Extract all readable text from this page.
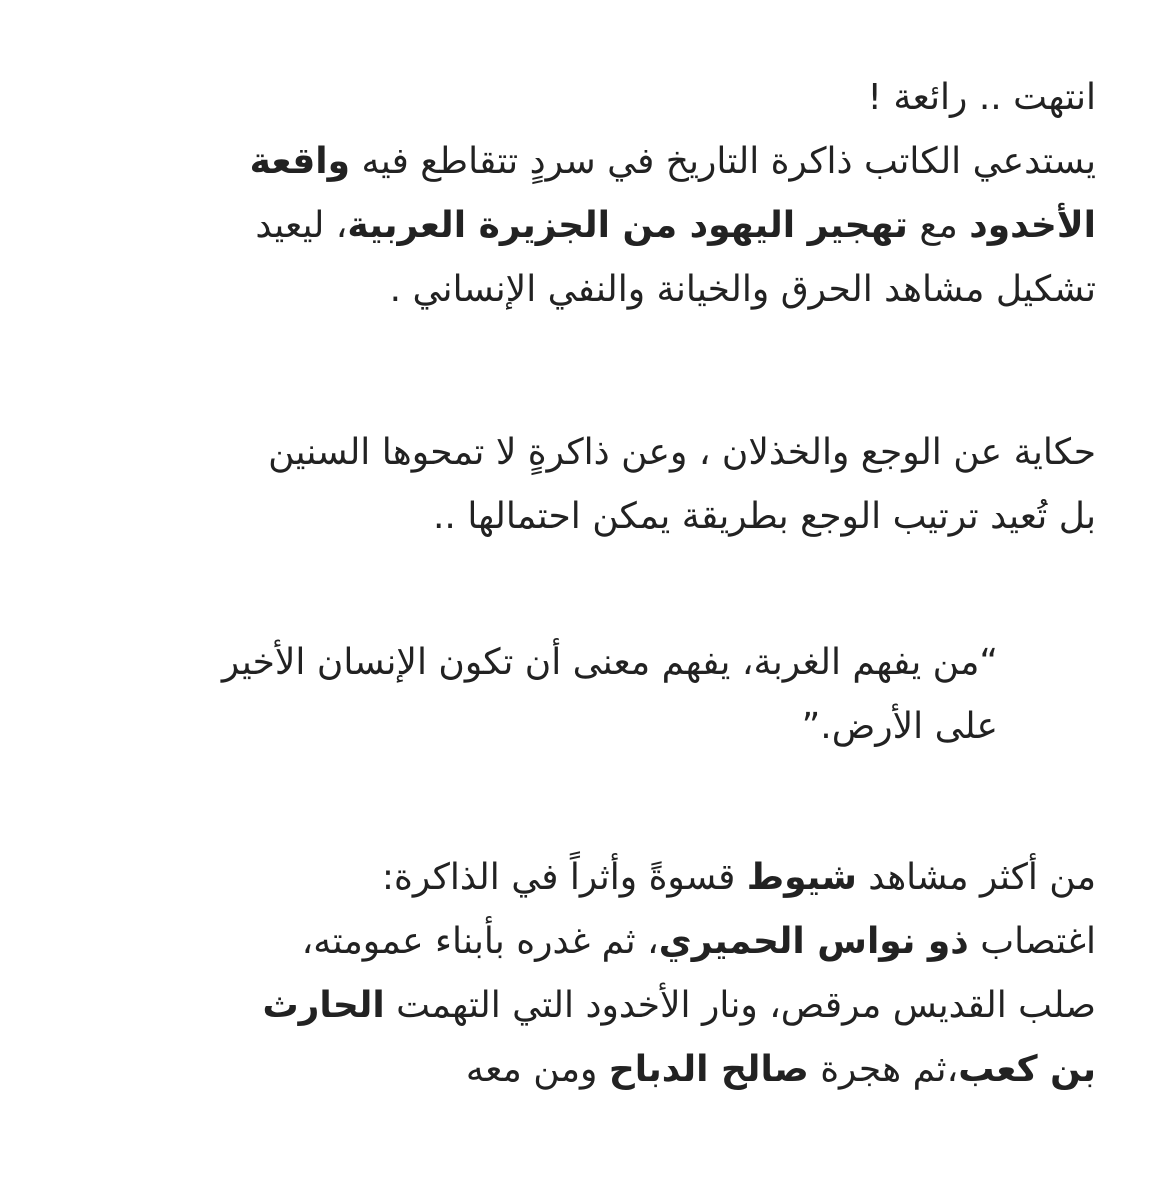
انتهت .. رائعة !
يستدعي الكاتب ذاكرة التاريخ في سردٍ تتقاطع فيه واقعة
الأخدود مع تهجير اليهود من الجزيرة العربية، ليعيد
تشكيل مشاهد الحرق والخيانة والنفي الإنساني .
حكاية عن الوجع والخذلان ، وعن ذاكرةٍ لا تمحوها السنين
بل تُعيد ترتيب الوجع بطريقة يمكن احتمالها ..
“من يفهم الغربة، يفهم معنى أن تكون الإنسان الأخير
على الأرض.”
من أكثر مشاهد شيوط قسوةً وأثراً في الذاكرة:
اغتصاب ذو نواس الحميري، ثم غدره بأبناء عمومته،
صلب القديس مرقص، ونار الأخدود التي التهمت الحارث
بن كعب،ثم هجرة صالح الدباح ومن معه
